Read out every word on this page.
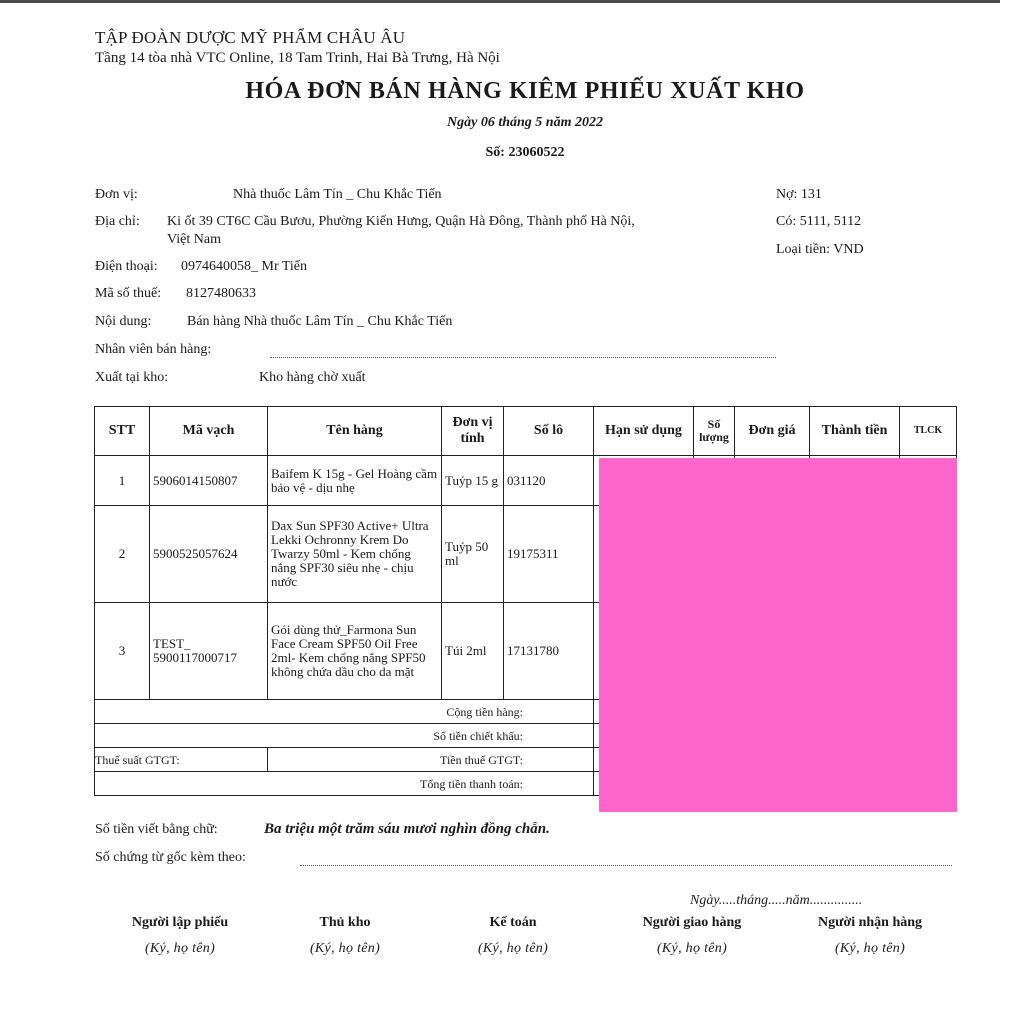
TẬP ĐOÀN DƯỢC MỸ PHẨM CHÂU ÂU
Tầng 14 tòa nhà VTC Online, 18 Tam Trinh, Hai Bà Trưng, Hà Nội
HÓA ĐƠN BÁN HÀNG KIÊM PHIẾU XUẤT KHO
Ngày 06 tháng 5 năm 2022
Số: 23060522
Đơn vị:	Nhà thuốc Lâm Tín _ Chu Khắc Tiến
Địa chỉ: Ki ốt 39 CT6C Cầu Bươu, Phường Kiến Hưng, Quận Hà Đông, Thành phố Hà Nội,
Việt Nam
Điện thoại: 0974640058_ Mr Tiến
Mã số thuế: 8127480633
Nội dung:	Bán hàng Nhà thuốc Lâm Tín _ Chu Khắc Tiến
Nhân viên bán hàng:
Xuất tại kho:	Kho hàng chờ xuất
Nợ: 131
Có: 5111, 5112
Loại tiền: VND
STT	Mã vạch	Tên hàng	Đơn vị tính	Số lô	Hạn sử dụng	Số lượng	Đơn giá	Thành tiền	TLCK
1	5906014150807	Baifem K 15g - Gel Hoàng cầm bảo vệ - dịu nhẹ	Tuýp 15 g	031120					
2	5900525057624	Dax Sun SPF30 Active+ Ultra Lekki Ochronny Krem Do Twarzy 50ml - Kem chống nắng SPF30 siêu nhẹ - chịu nước	Tuýp 50 ml	19175311					
3	TEST_ 5900117000717	Gói dùng thử_Farmona Sun Face Cream SPF50 Oil Free 2ml- Kem chống nắng SPF50 không chứa dầu cho da mặt	Túi 2ml	17131780					
Cộng tiền hàng:									
Số tiền chiết khấu:									
Thuế suất GTGT:		Tiền thuế GTGT:							
Tổng tiền thanh toán:									
Số tiền viết bằng chữ:	Ba triệu một trăm sáu mươi nghìn đồng chẵn.
Số chứng từ gốc kèm theo:
Ngày.....tháng.....năm...............
Người lập phiếu
(Ký, họ tên)
Thủ kho
(Ký, họ tên)
Kế toán
(Ký, họ tên)
Người giao hàng
(Ký, họ tên)
Người nhận hàng
(Ký, họ tên)
